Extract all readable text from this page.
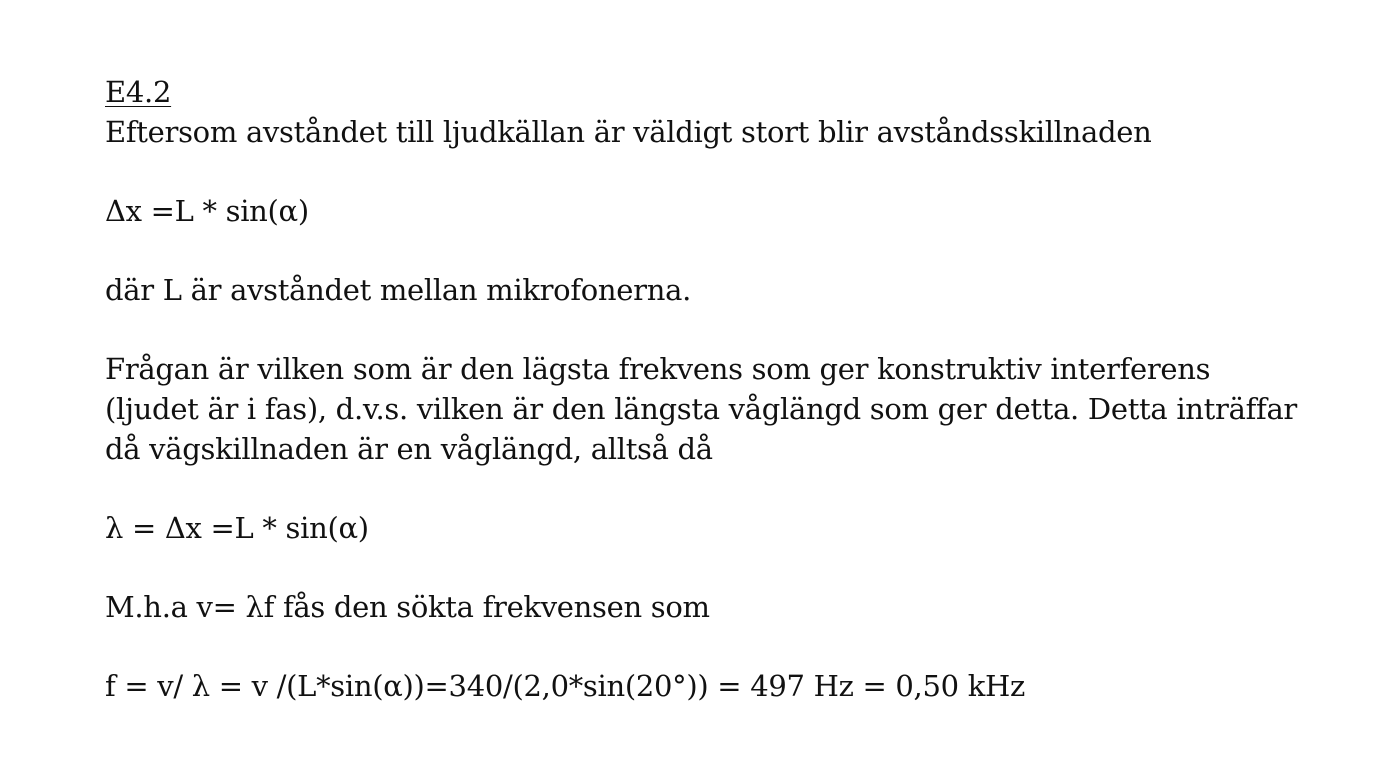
E4.2
Eftersom avståndet till ljudkällan är väldigt stort blir avståndsskillnaden
Δx =L * sin(α)
där L är avståndet mellan mikrofonerna.
Frågan är vilken som är den lägsta frekvens som ger konstruktiv interferens
(ljudet är i fas), d.v.s. vilken är den längsta våglängd som ger detta. Detta inträffar
då vägskillnaden är en våglängd, alltså då
λ = Δx =L * sin(α)
M.h.a v= λf fås den sökta frekvensen som
f = v/ λ = v /(L*sin(α))=340/(2,0*sin(20°)) = 497 Hz = 0,50 kHz
